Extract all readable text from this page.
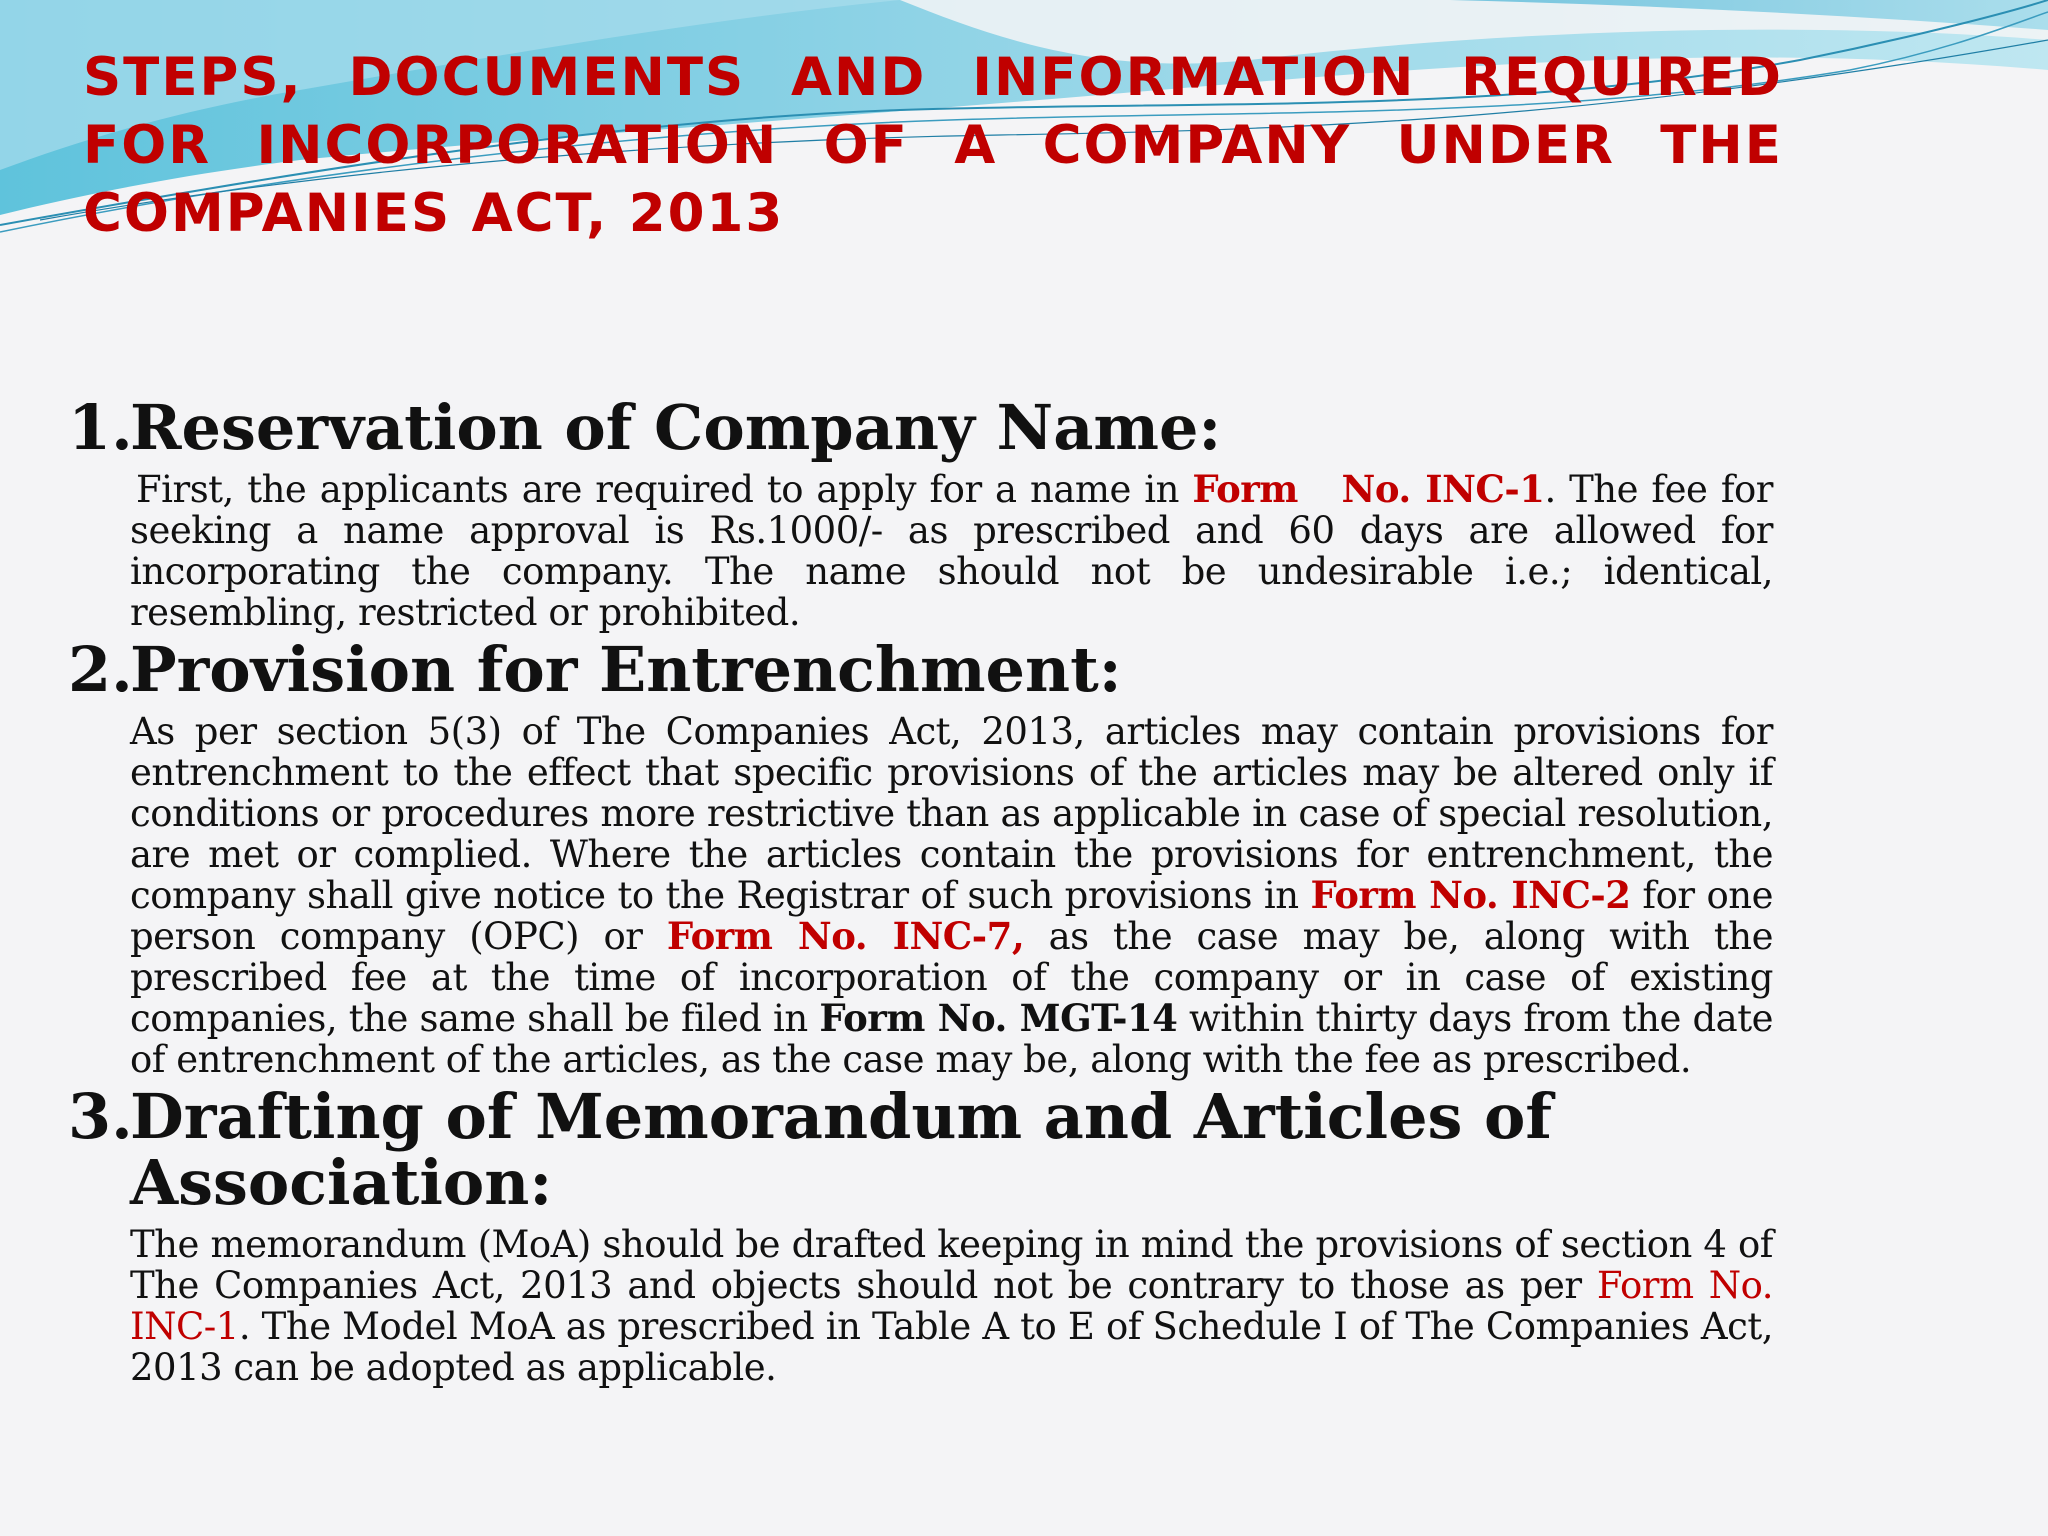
STEPS, DOCUMENTS AND INFORMATION REQUIRED FOR INCORPORATION OF A COMPANY UNDER THE COMPANIES ACT, 2013
1.Reservation of Company Name:

First, the applicants are required to apply for a name in Form   No. INC-1. The fee for seeking a name approval is Rs.1000/- as prescribed and 60 days are allowed for incorporating the company. The name should not be undesirable i.e.; identical, resembling, restricted or prohibited.

2.Provision for Entrenchment:

As per section 5(3) of The Companies Act, 2013, articles may contain provisions for entrenchment to the effect that specific provisions of the articles may be altered only if conditions or procedures more restrictive than as applicable in case of special resolution, are met or complied. Where the articles contain the provisions for entrenchment, the company shall give notice to the Registrar of such provisions in Form No. INC-2 for one person company (OPC) or Form No. INC-7, as the case may be, along with the prescribed fee at the time of incorporation of the company or in case of existing companies, the same shall be filed in Form No. MGT-14 within thirty days from the date of entrenchment of the articles, as the case may be, along with the fee as prescribed.

3.Drafting of Memorandum and Articles of Association:

The memorandum (MoA) should be drafted keeping in mind the provisions of section 4 of The Companies Act, 2013 and objects should not be contrary to those as per Form No. INC-1. The Model MoA as prescribed in Table A to E of Schedule I of The Companies Act, 2013 can be adopted as applicable.
